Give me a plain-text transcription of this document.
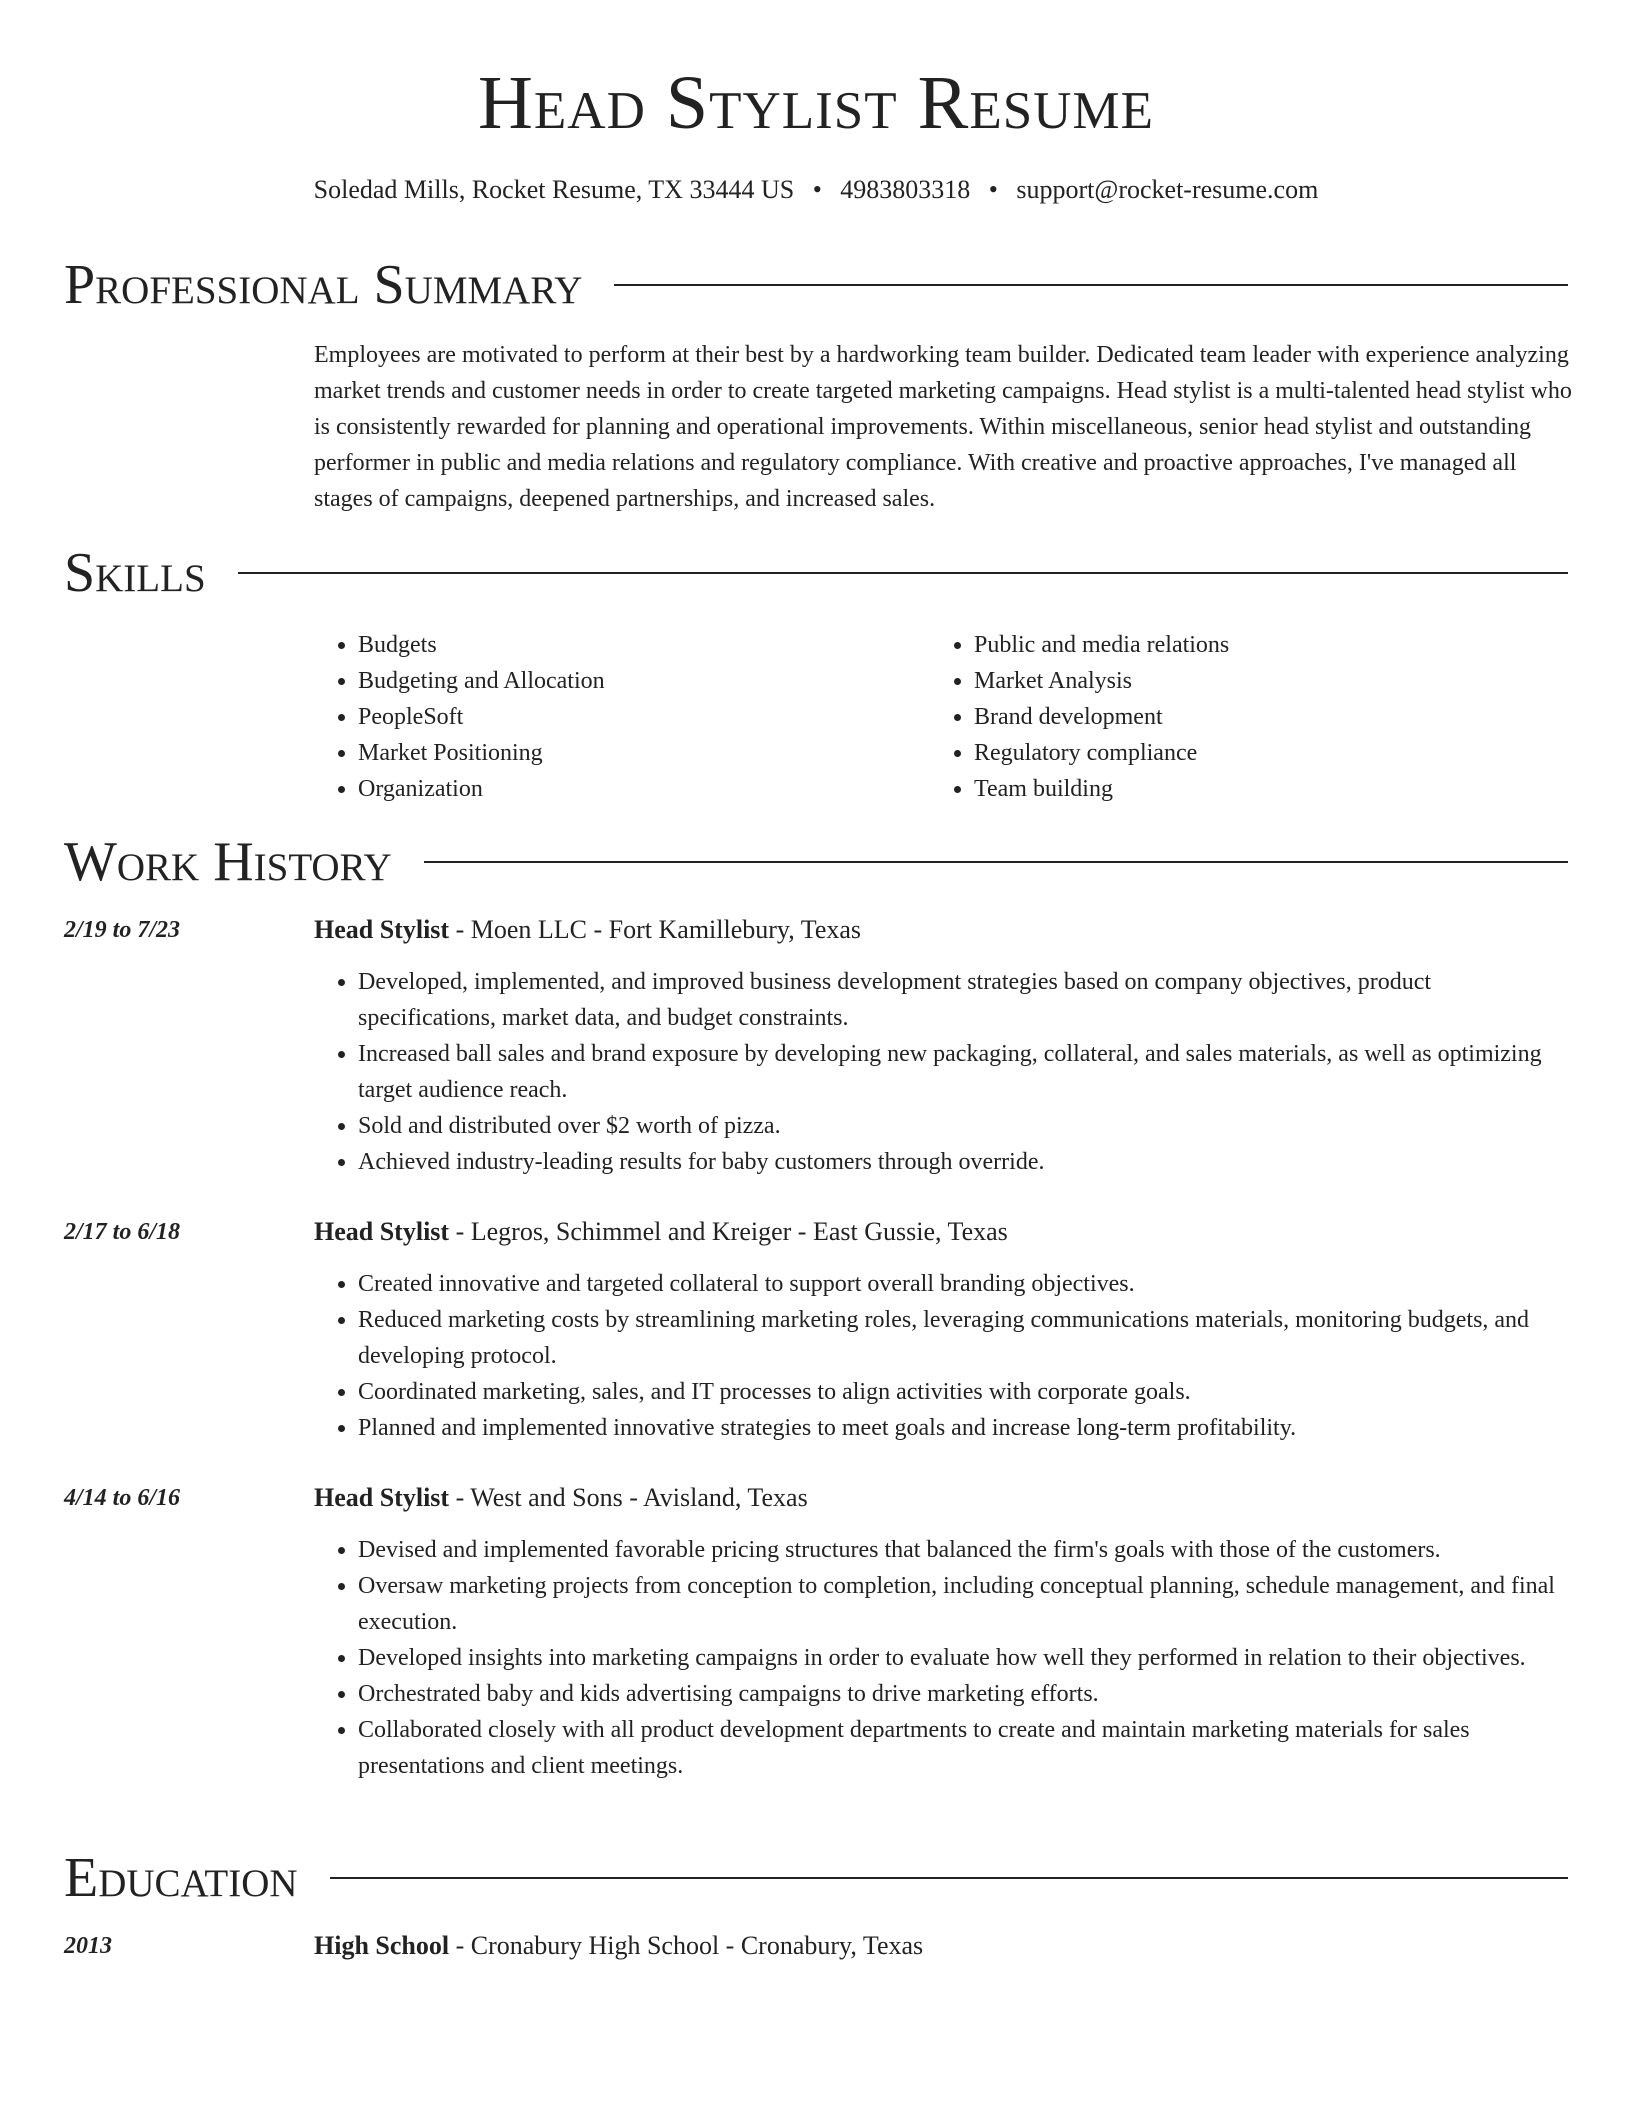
Head Stylist Resume
Soledad Mills, Rocket Resume, TX 33444 US • 4983803318 • support@rocket-resume.com
Professional Summary

Employees are motivated to perform at their best by a hardworking team builder. Dedicated team leader with experience analyzing market trends and customer needs in order to create targeted marketing campaigns. Head stylist is a multi-talented head stylist who is consistently rewarded for planning and operational improvements. Within miscellaneous, senior head stylist and outstanding performer in public and media relations and regulatory compliance. With creative and proactive approaches, I've managed all stages of campaigns, deepened partnerships, and increased sales.

Skills
• Budgets
• Budgeting and Allocation
• PeopleSoft
• Market Positioning
• Organization
• Public and media relations
• Market Analysis
• Brand development
• Regulatory compliance
• Team building
Work History
2/19 to 7/23	Head Stylist - Moen LLC - Fort Kamillebury, Texas
• Developed, implemented, and improved business development strategies based on company objectives, product specifications, market data, and budget constraints.
• Increased ball sales and brand exposure by developing new packaging, collateral, and sales materials, as well as optimizing target audience reach.
• Sold and distributed over $2 worth of pizza.
• Achieved industry-leading results for baby customers through override.
2/17 to 6/18	Head Stylist - Legros, Schimmel and Kreiger - East Gussie, Texas
• Created innovative and targeted collateral to support overall branding objectives.
• Reduced marketing costs by streamlining marketing roles, leveraging communications materials, monitoring budgets, and developing protocol.
• Coordinated marketing, sales, and IT processes to align activities with corporate goals.
• Planned and implemented innovative strategies to meet goals and increase long-term profitability.
4/14 to 6/16	Head Stylist - West and Sons - Avisland, Texas
• Devised and implemented favorable pricing structures that balanced the firm's goals with those of the customers.
• Oversaw marketing projects from conception to completion, including conceptual planning, schedule management, and final execution.
• Developed insights into marketing campaigns in order to evaluate how well they performed in relation to their objectives.
• Orchestrated baby and kids advertising campaigns to drive marketing efforts.
• Collaborated closely with all product development departments to create and maintain marketing materials for sales presentations and client meetings.
Education
2013	High School - Cronabury High School - Cronabury, Texas
